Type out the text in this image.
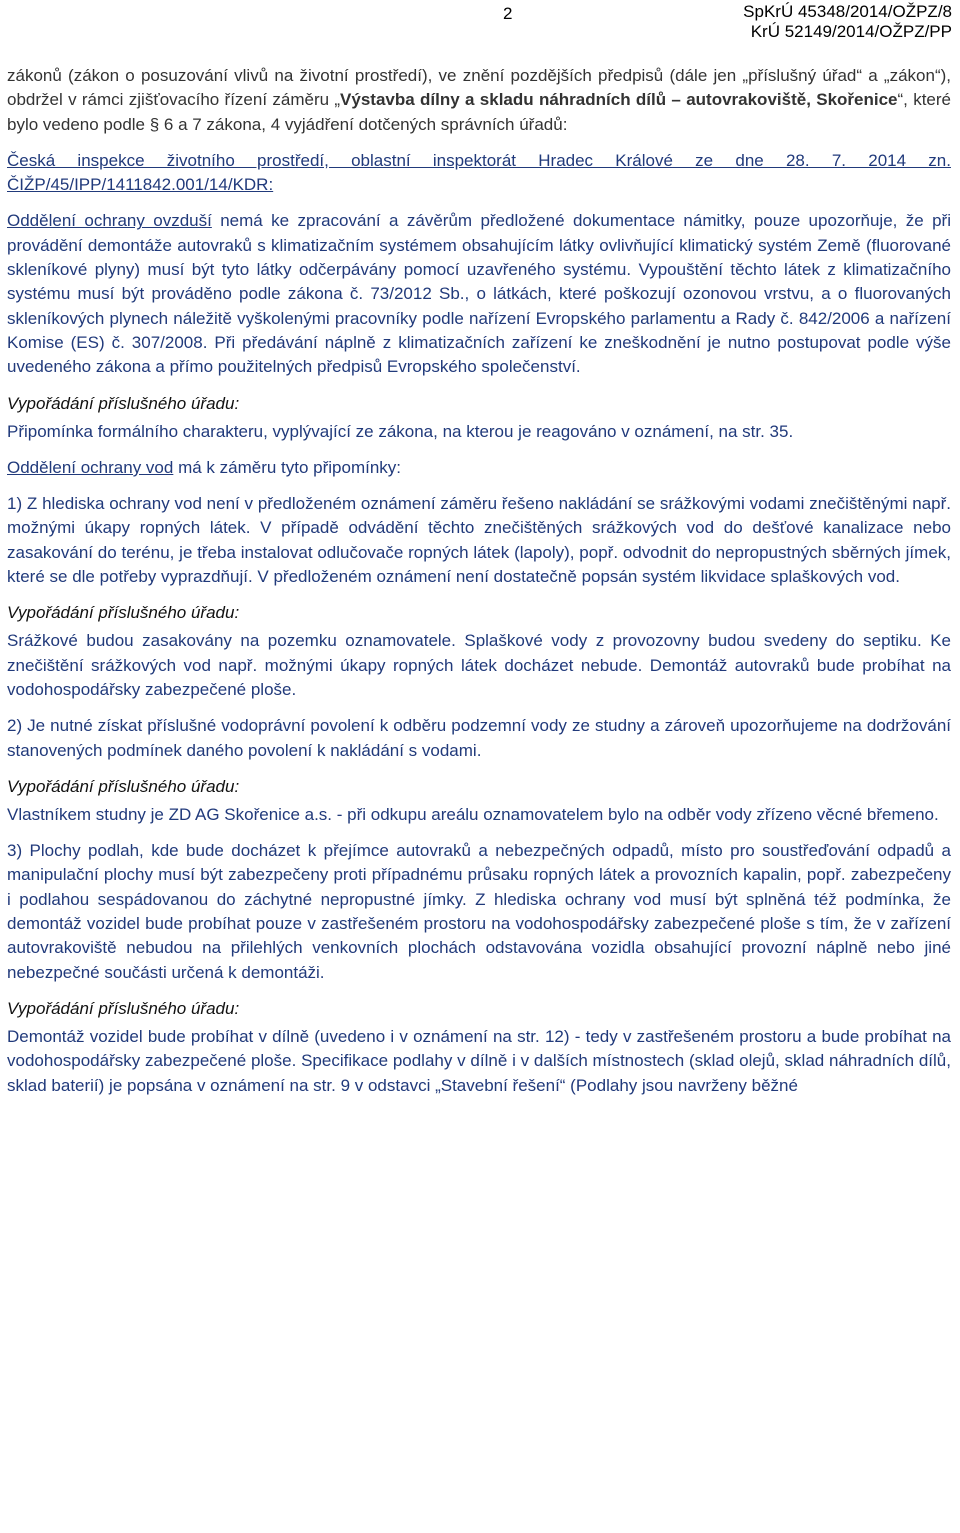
2	SpKrÚ 45348/2014/OŽPZ/8
KrÚ 52149/2014/OŽPZ/PP

zákonů (zákon o posuzování vlivů na životní prostředí), ve znění pozdějších předpisů (dále jen „příslušný úřad“ a „zákon“), obdržel v rámci zjišťovacího řízení záměru „Výstavba dílny a skladu náhradních dílů – autovrakoviště, Skořenice“, které bylo vedeno podle § 6 a 7 zákona, 4 vyjádření dotčených správních úřadů:

Česká inspekce životního prostředí, oblastní inspektorát Hradec Králové ze dne 28. 7. 2014 zn. ČIŽP/45/IPP/1411842.001/14/KDR:

Oddělení ochrany ovzduší nemá ke zpracování a závěrům předložené dokumentace námitky, pouze upozorňuje, že při provádění demontáže autovraků s klimatizačním systémem obsahujícím látky ovlivňující klimatický systém Země (fluorované skleníkové plyny) musí být tyto látky odčerpávány pomocí uzavřeného systému. Vypouštění těchto látek z klimatizačního systému musí být prováděno podle zákona č. 73/2012 Sb., o látkách, které poškozují ozonovou vrstvu, a o fluorovaných skleníkových plynech náležitě vyškolenými pracovníky podle nařízení Evropského parlamentu a Rady č. 842/2006 a nařízení Komise (ES) č. 307/2008. Při předávání náplně z klimatizačních zařízení ke zneškodnění je nutno postupovat podle výše uvedeného zákona a přímo použitelných předpisů Evropského společenství.

Vypořádání příslušného úřadu:

Připomínka formálního charakteru, vyplývající ze zákona, na kterou je reagováno v oznámení, na str. 35.

Oddělení ochrany vod má k záměru tyto připomínky:

1) Z hlediska ochrany vod není v předloženém oznámení záměru řešeno nakládání se srážkovými vodami znečištěnými např. možnými úkapy ropných látek. V případě odvádění těchto znečištěných srážkových vod do dešťové kanalizace nebo zasakování do terénu, je třeba instalovat odlučovače ropných látek (lapoly), popř. odvodnit do nepropustných sběrných jímek, které se dle potřeby vyprazdňují. V předloženém oznámení není dostatečně popsán systém likvidace splaškových vod.

Vypořádání příslušného úřadu:

Srážkové budou zasakovány na pozemku oznamovatele. Splaškové vody z provozovny budou svedeny do septiku. Ke znečištění srážkových vod např. možnými úkapy ropných látek docházet nebude. Demontáž autovraků bude probíhat na vodohospodářsky zabezpečené ploše.

2) Je nutné získat příslušné vodoprávní povolení k odběru podzemní vody ze studny a zároveň upozorňujeme na dodržování stanovených podmínek daného povolení k nakládání s vodami.

Vypořádání příslušného úřadu:

Vlastníkem studny je ZD AG Skořenice a.s. - při odkupu areálu oznamovatelem bylo na odběr vody zřízeno věcné břemeno.

3) Plochy podlah, kde bude docházet k přejímce autovraků a nebezpečných odpadů, místo pro soustřeďování odpadů a manipulační plochy musí být zabezpečeny proti případnému průsaku ropných látek a provozních kapalin, popř. zabezpečeny i podlahou sespádovanou do záchytné nepropustné jímky. Z hlediska ochrany vod musí být splněná též podmínka, že demontáž vozidel bude probíhat pouze v zastřešeném prostoru na vodohospodářsky zabezpečené ploše s tím, že v zařízení autovrakoviště nebudou na přilehlých venkovních plochách odstavována vozidla obsahující provozní náplně nebo jiné nebezpečné součásti určená k demontáži.

Vypořádání příslušného úřadu:

Demontáž vozidel bude probíhat v dílně (uvedeno i v oznámení na str. 12) - tedy v zastřešeném prostoru a bude probíhat na vodohospodářsky zabezpečené ploše. Specifikace podlahy v dílně i v dalších místnostech (sklad olejů, sklad náhradních dílů, sklad baterií) je popsána v oznámení na str. 9 v odstavci „Stavební řešení“ (Podlahy jsou navrženy běžné
